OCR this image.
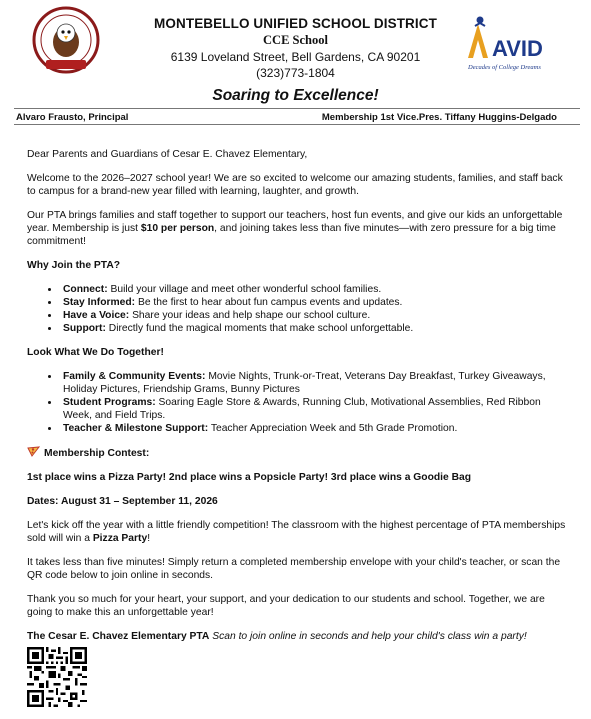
MONTEBELLO UNIFIED SCHOOL DISTRICT
CCE School
6139 Loveland Street, Bell Gardens, CA 90201
(323)773-1804
Soaring to Excellence!
AVID
Decades of College Dreams
Alvaro Frausto, Principal	Membership 1st Vice.Pres. Tiffany Huggins-Delgado

Dear Parents and Guardians of Cesar E. Chavez Elementary,

Welcome to the 2026–2027 school year! We are so excited to welcome our amazing students, families, and staff back to campus for a brand-new year filled with learning, laughter, and growth.

Our PTA brings families and staff together to support our teachers, host fun events, and give our kids an unforgettable year. Membership is just $10 per person, and joining takes less than five minutes—with zero pressure for a big time commitment!

Why Join the PTA?
• Connect: Build your village and meet other wonderful school families.
• Stay Informed: Be the first to hear about fun campus events and updates.
• Have a Voice: Share your ideas and help shape our school culture.
• Support: Directly fund the magical moments that make school unforgettable.
Look What We Do Together!
• Family & Community Events: Movie Nights, Trunk-or-Treat, Veterans Day Breakfast, Turkey Giveaways, Holiday Pictures, Friendship Grams, Bunny Pictures
• Student Programs: Soaring Eagle Store & Awards, Running Club, Motivational Assemblies, Red Ribbon Week, and Field Trips.
• Teacher & Milestone Support: Teacher Appreciation Week and 5th Grade Promotion.
Membership Contest:

1st place wins a Pizza Party! 2nd place wins a Popsicle Party! 3rd place wins a Goodie Bag

Dates: August 31 – September 11, 2026

Let's kick off the year with a little friendly competition! The classroom with the highest percentage of PTA memberships sold will win a Pizza Party!

It takes less than five minutes! Simply return a completed membership envelope with your child's teacher, or scan the QR code below to join online in seconds.

Thank you so much for your heart, your support, and your dedication to our students and school. Together, we are going to make this an unforgettable year!

The Cesar E. Chavez Elementary PTA Scan to join online in seconds and help your child's class win a party!
